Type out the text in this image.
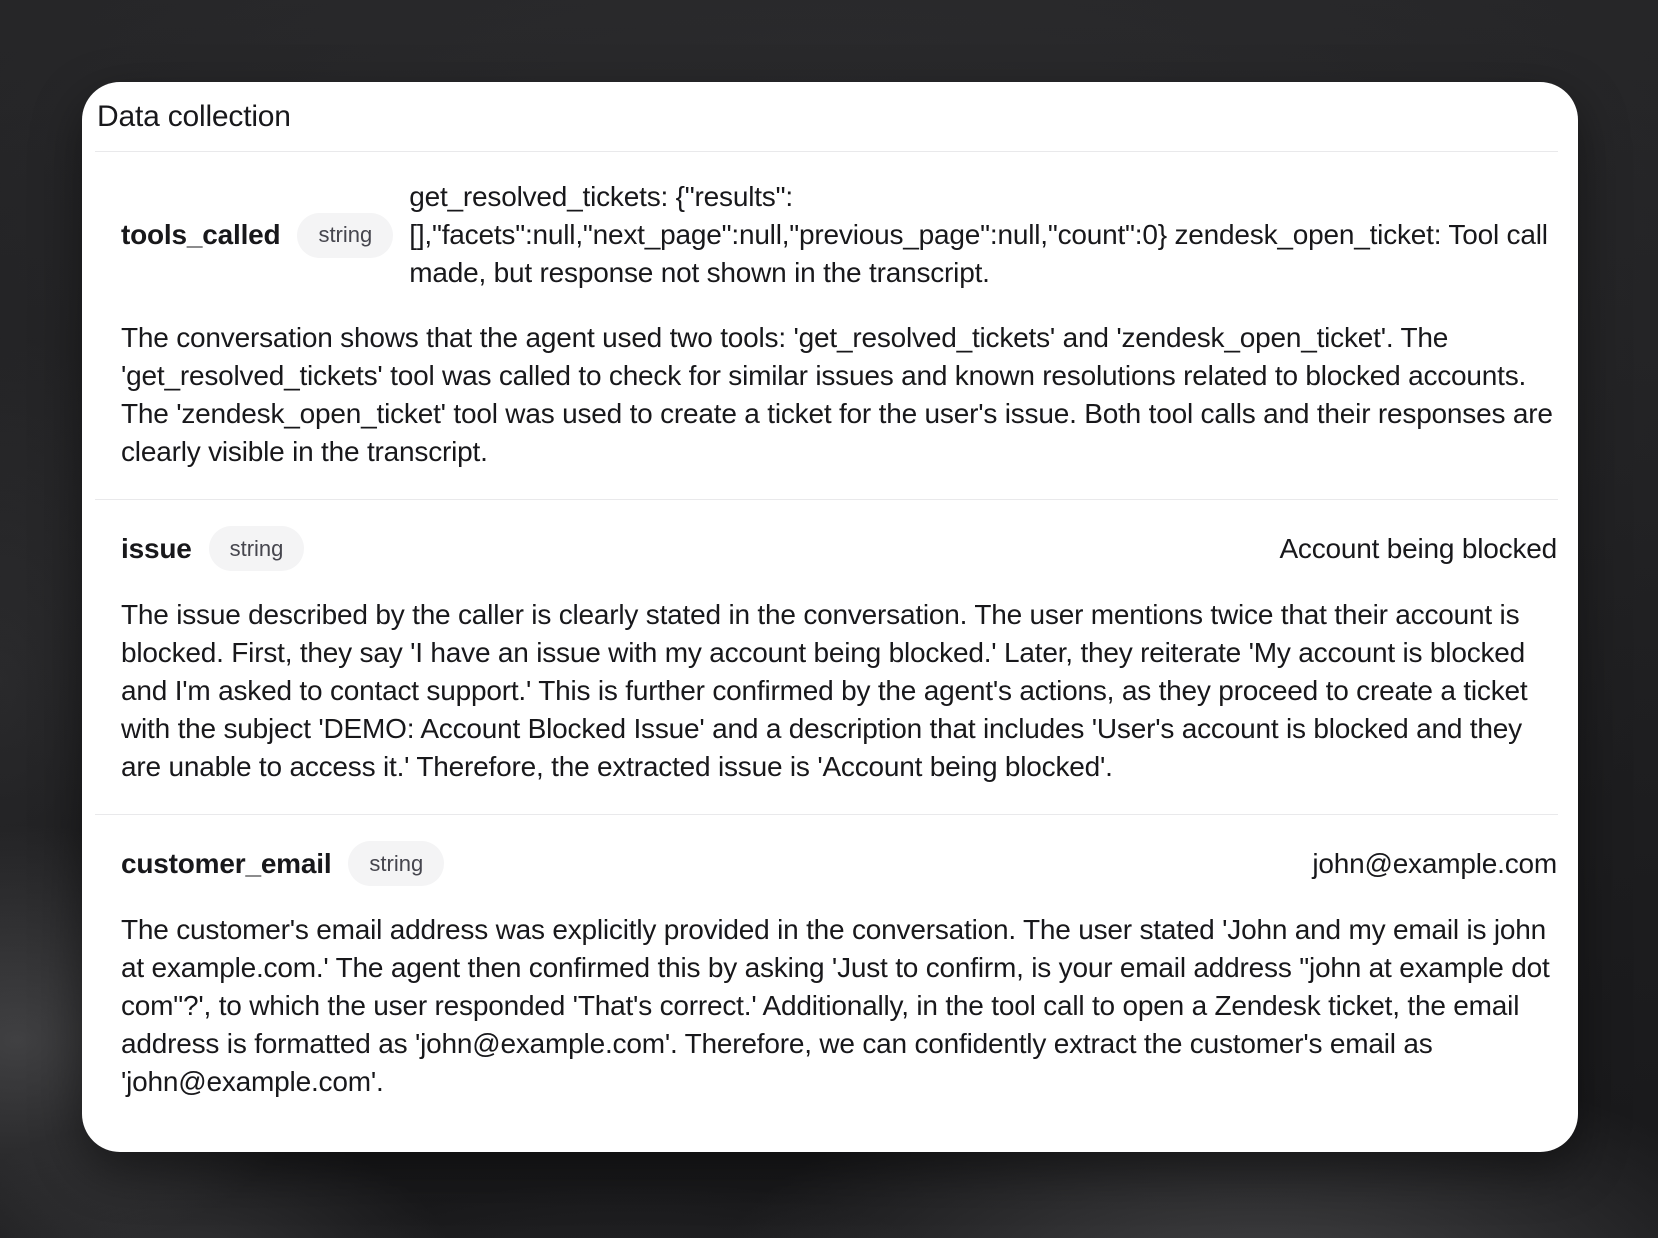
Data collection
tools_called	string
get_resolved_tickets: {"results": [],"facets":null,"next_page":null,"previous_page":null,"count":0} zendesk_open_ticket: Tool call made, but response not shown in the transcript.

The conversation shows that the agent used two tools: 'get_resolved_tickets' and 'zendesk_open_ticket'. The 'get_resolved_tickets' tool was called to check for similar issues and known resolutions related to blocked accounts. The 'zendesk_open_ticket' tool was used to create a ticket for the user's issue. Both tool calls and their responses are clearly visible in the transcript.

issue	string	Account being blocked

The issue described by the caller is clearly stated in the conversation. The user mentions twice that their account is blocked. First, they say 'I have an issue with my account being blocked.' Later, they reiterate 'My account is blocked and I'm asked to contact support.' This is further confirmed by the agent's actions, as they proceed to create a ticket with the subject 'DEMO: Account Blocked Issue' and a description that includes 'User's account is blocked and they are unable to access it.' Therefore, the extracted issue is 'Account being blocked'.

customer_email	string	john@example.com

The customer's email address was explicitly provided in the conversation. The user stated 'John and my email is john at example.com.' The agent then confirmed this by asking 'Just to confirm, is your email address "john at example dot com"?', to which the user responded 'That's correct.' Additionally, in the tool call to open a Zendesk ticket, the email address is formatted as 'john@example.com'. Therefore, we can confidently extract the customer's email as 'john@example.com'.
